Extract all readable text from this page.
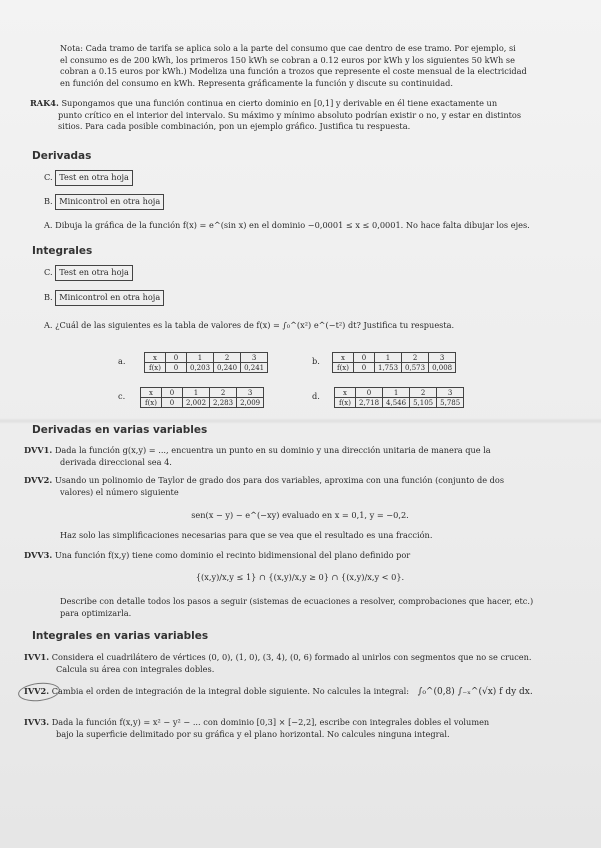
Nota: Cada tramo de tarifa se aplica solo a la parte del consumo que cae dentro de ese tramo. Por ejemplo, si

el consumo es de 200 kWh, los primeros 150 kWh se cobran a 0.12 euros por kWh y los siguientes 50 kWh se

cobran a 0.15 euros por kWh.) Modeliza una función a trozos que represente el coste mensual de la electricidad

en función del consumo en kWh. Representa gráficamente la función y discute su continuidad.

RAK4. Supongamos que una función continua en cierto dominio en [0,1] y derivable en él tiene exactamente un

punto crítico en el interior del intervalo. Su máximo y mínimo absoluto podrían existir o no, y estar en distintos

sitios. Para cada posible combinación, pon un ejemplo gráfico. Justifica tu respuesta.

Derivadas
C. Test en otra hoja
B. Minicontrol en otra hoja
A. Dibuja la gráfica de la función f(x) = e^(sin x) en el dominio −0,0001 ≤ x ≤ 0,0001. No hace falta dibujar los ejes.
Integrales
C. Test en otra hoja
B. Minicontrol en otra hoja
A. ¿Cuál de las siguientes es la tabla de valores de f(x) = ∫₀^(x²) e^(−t²) dt? Justifica tu respuesta.
a.	x	0	1	2	3
f(x)	0	0,203	0,240	0,241
b.	x	0	1	2	3
f(x)	0	1,753	0,573	0,008
c.	x	0	1	2	3
f(x)	0	2,002	2,283	2,009
d.	x	0	1	2	3
f(x)	2,718	4,546	5,105	5,785
Derivadas en varias variables
DVV1. Dada la función g(x,y) = ..., encuentra un punto en su dominio y una dirección unitaria de manera que la

derivada direccional sea 4.

DVV2. Usando un polinomio de Taylor de grado dos para dos variables, aproxima con una función (conjunto de dos

valores) el número siguiente

sen(x − y) − e^(−xy) evaluado en x = 0,1, y = −0,2.
Haz solo las simplificaciones necesarias para que se vea que el resultado es una fracción.
DVV3. Una función f(x,y) tiene como dominio el recinto bidimensional del plano definido por
{(x,y)/x,y ≤ 1} ∩ {(x,y)/x,y ≥ 0} ∩ {(x,y)/x,y < 0}.

Describe con detalle todos los pasos a seguir (sistemas de ecuaciones a resolver, comprobaciones que hacer, etc.)

para optimizarla.

Integrales en varias variables
IVV1. Considera el cuadrilátero de vértices (0, 0), (1, 0), (3, 4), (0, 6) formado al unirlos con segmentos que no se crucen.

Calcula su área con integrales dobles.

IVV2. Cambia el orden de integración de la integral doble siguiente. No calcules la integral: ∫₀^(0,8) ∫₋ₓ^(√x) f dy dx.
IVV3. Dada la función f(x,y) = x² − y² − ... con dominio [0,3] × [−2,2], escribe con integrales dobles el volumen

bajo la superficie delimitado por su gráfica y el plano horizontal. No calcules ninguna integral.
